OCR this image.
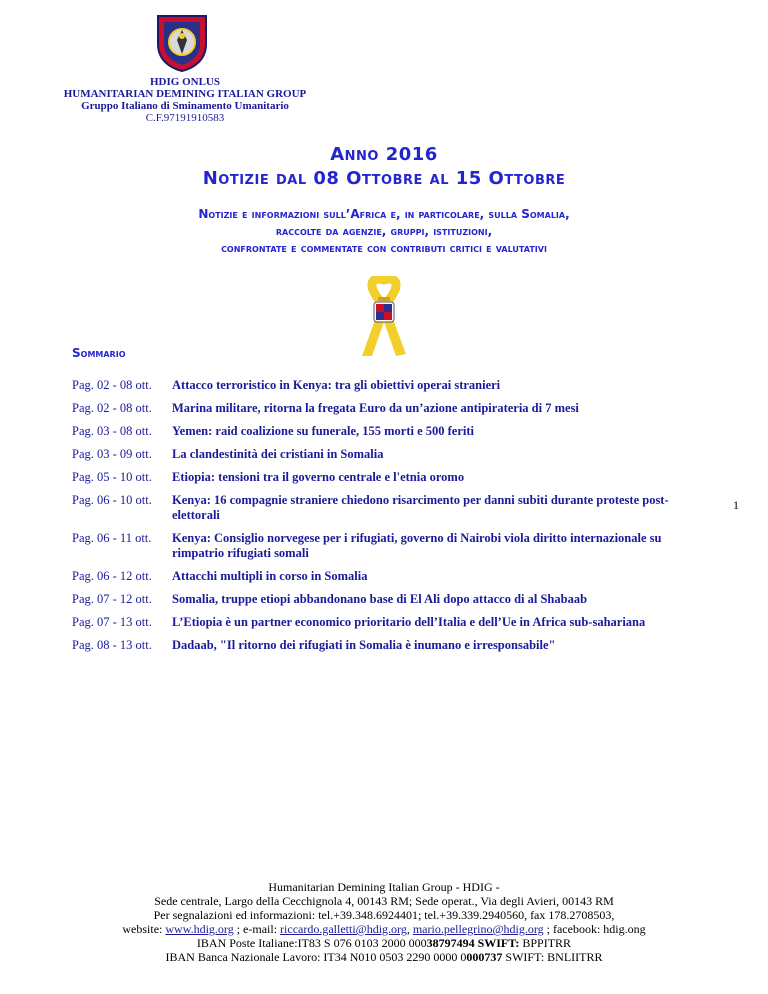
HDIG ONLUS
HUMANITARIAN DEMINING ITALIAN GROUP
Gruppo Italiano di Sminamento Umanitario
C.F.97191910583
Anno 2016
Notizie dal 08 Ottobre al 15 Ottobre
Notizie e informazioni sull’Africa e, in particolare, sulla Somalia,
raccolte da agenzie, gruppi, istituzioni,
confrontate e commentate con contributi critici e valutativi
Sommario
Pag. 02 - 08 ott.	Attacco terroristico in Kenya: tra gli obiettivi operai stranieri
Pag. 02 - 08 ott.	Marina militare, ritorna la fregata Euro da un’azione antipirateria di 7 mesi
Pag. 03 - 08 ott.	Yemen: raid coalizione su funerale, 155 morti e 500 feriti
Pag. 03 - 09 ott.	La clandestinità dei cristiani in Somalia
Pag. 05 - 10 ott.	Etiopia: tensioni tra il governo centrale e l'etnia oromo
Pag. 06 - 10 ott.	Kenya: 16 compagnie straniere chiedono risarcimento per danni subiti durante proteste post-elettorali
Pag. 06 - 11 ott.	Kenya: Consiglio norvegese per i rifugiati, governo di Nairobi viola diritto internazionale su rimpatrio rifugiati somali
Pag. 06 - 12 ott.	Attacchi multipli in corso in Somalia
Pag. 07 - 12 ott.	Somalia, truppe etiopi abbandonano base di El Ali dopo attacco di al Shabaab
Pag. 07 - 13 ott.	L’Etiopia è un partner economico prioritario dell’Italia e dell’Ue in Africa sub-sahariana
Pag. 08 - 13 ott.	Dadaab, "Il ritorno dei rifugiati in Somalia è inumano e irresponsabile"
1
Humanitarian Demining Italian Group - HDIG -
Sede centrale, Largo della Cecchignola 4, 00143 RM; Sede operat., Via degli Avieri, 00143 RM
Per segnalazioni ed informazioni: tel.+39.348.6924401; tel.+39.339.2940560, fax 178.2708503,
website: www.hdig.org ; e-mail: riccardo.galletti@hdig.org, mario.pellegrino@hdig.org ; facebook: hdig.ong
IBAN Poste Italiane:IT83 S 076 0103 2000 00038797494 SWIFT: BPPITRR
IBAN Banca Nazionale Lavoro: IT34 N010 0503 2290 0000 0000737 SWIFT: BNLIITRR
